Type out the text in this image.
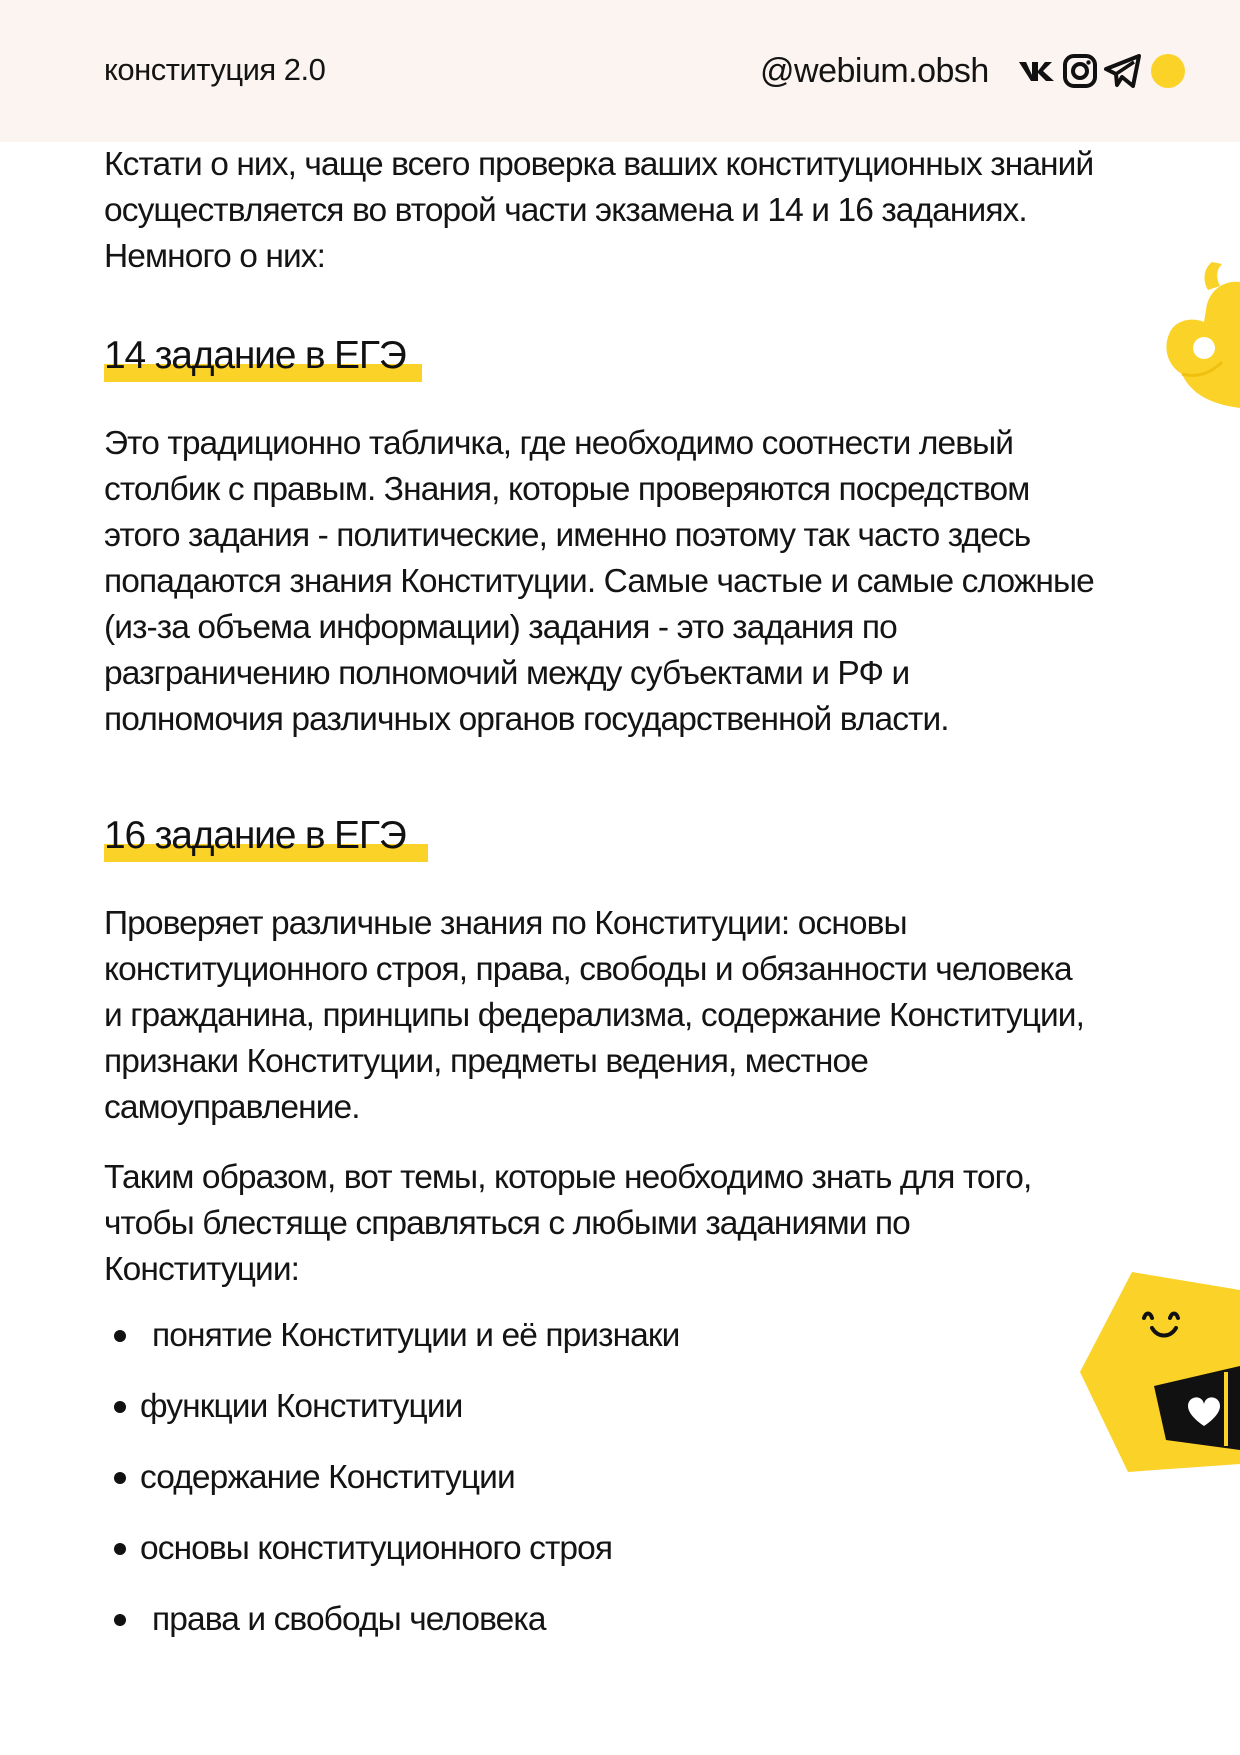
конституция 2.0	@webium.obsh
Кстати о них, чаще всего проверка ваших конституционных знаний
осуществляется во второй части экзамена и 14 и 16 заданиях.
Немного о них:
14 задание в ЕГЭ
Это традиционно табличка, где необходимо соотнести левый
столбик с правым. Знания, которые проверяются посредством
этого задания - политические, именно поэтому так часто здесь
попадаются знания Конституции. Самые частые и самые сложные
(из-за объема информации) задания - это задания по
разграничению полномочий между субъектами и РФ и
полномочия различных органов государственной власти.
16 задание в ЕГЭ
Проверяет различные знания по Конституции: основы
конституционного строя, права, свободы и обязанности человека
и гражданина, принципы федерализма, содержание Конституции,
признаки Конституции, предметы ведения, местное
самоуправление.
Таким образом, вот темы, которые необходимо знать для того,
чтобы блестяще справляться с любыми заданиями по
Конституции:
понятие Конституции и её признаки
функции Конституции
содержание Конституции
основы конституционного строя
права и свободы человека
